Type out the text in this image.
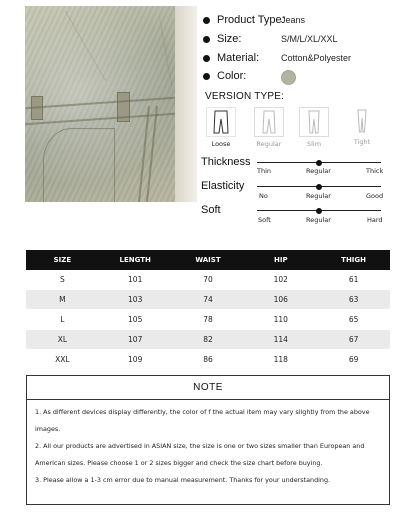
Product Type:
Jeans
Size:	S/M/L/XL/XXL
Material: Cotton&Polyester
Color:
VERSION TYPE:
Loose	Regular	Slim	Tight
Thickness
Thin	Regular	Thick
Elasticity
No	Regular	Good
Soft
Soft	Regular	Hard
SIZE	LENGTH	WAIST	HIP	THIGH
S	101	70	102	61
M	103	74	106	63
L	105	78	110	65
XL	107	82	114	67
XXL	109	86	118	69
NOTE
1. As different devices display differently, the color of f the actual item may vary slightly from the above
images.
2. All our products are advertised in ASIAN size, the size is one or two sizes smaller than European and
American sizes. Please choose 1 or 2 sizes bigger and check the size chart before buying.
3. Please allow a 1-3 cm error due to manual measurement. Thanks for your understanding.
